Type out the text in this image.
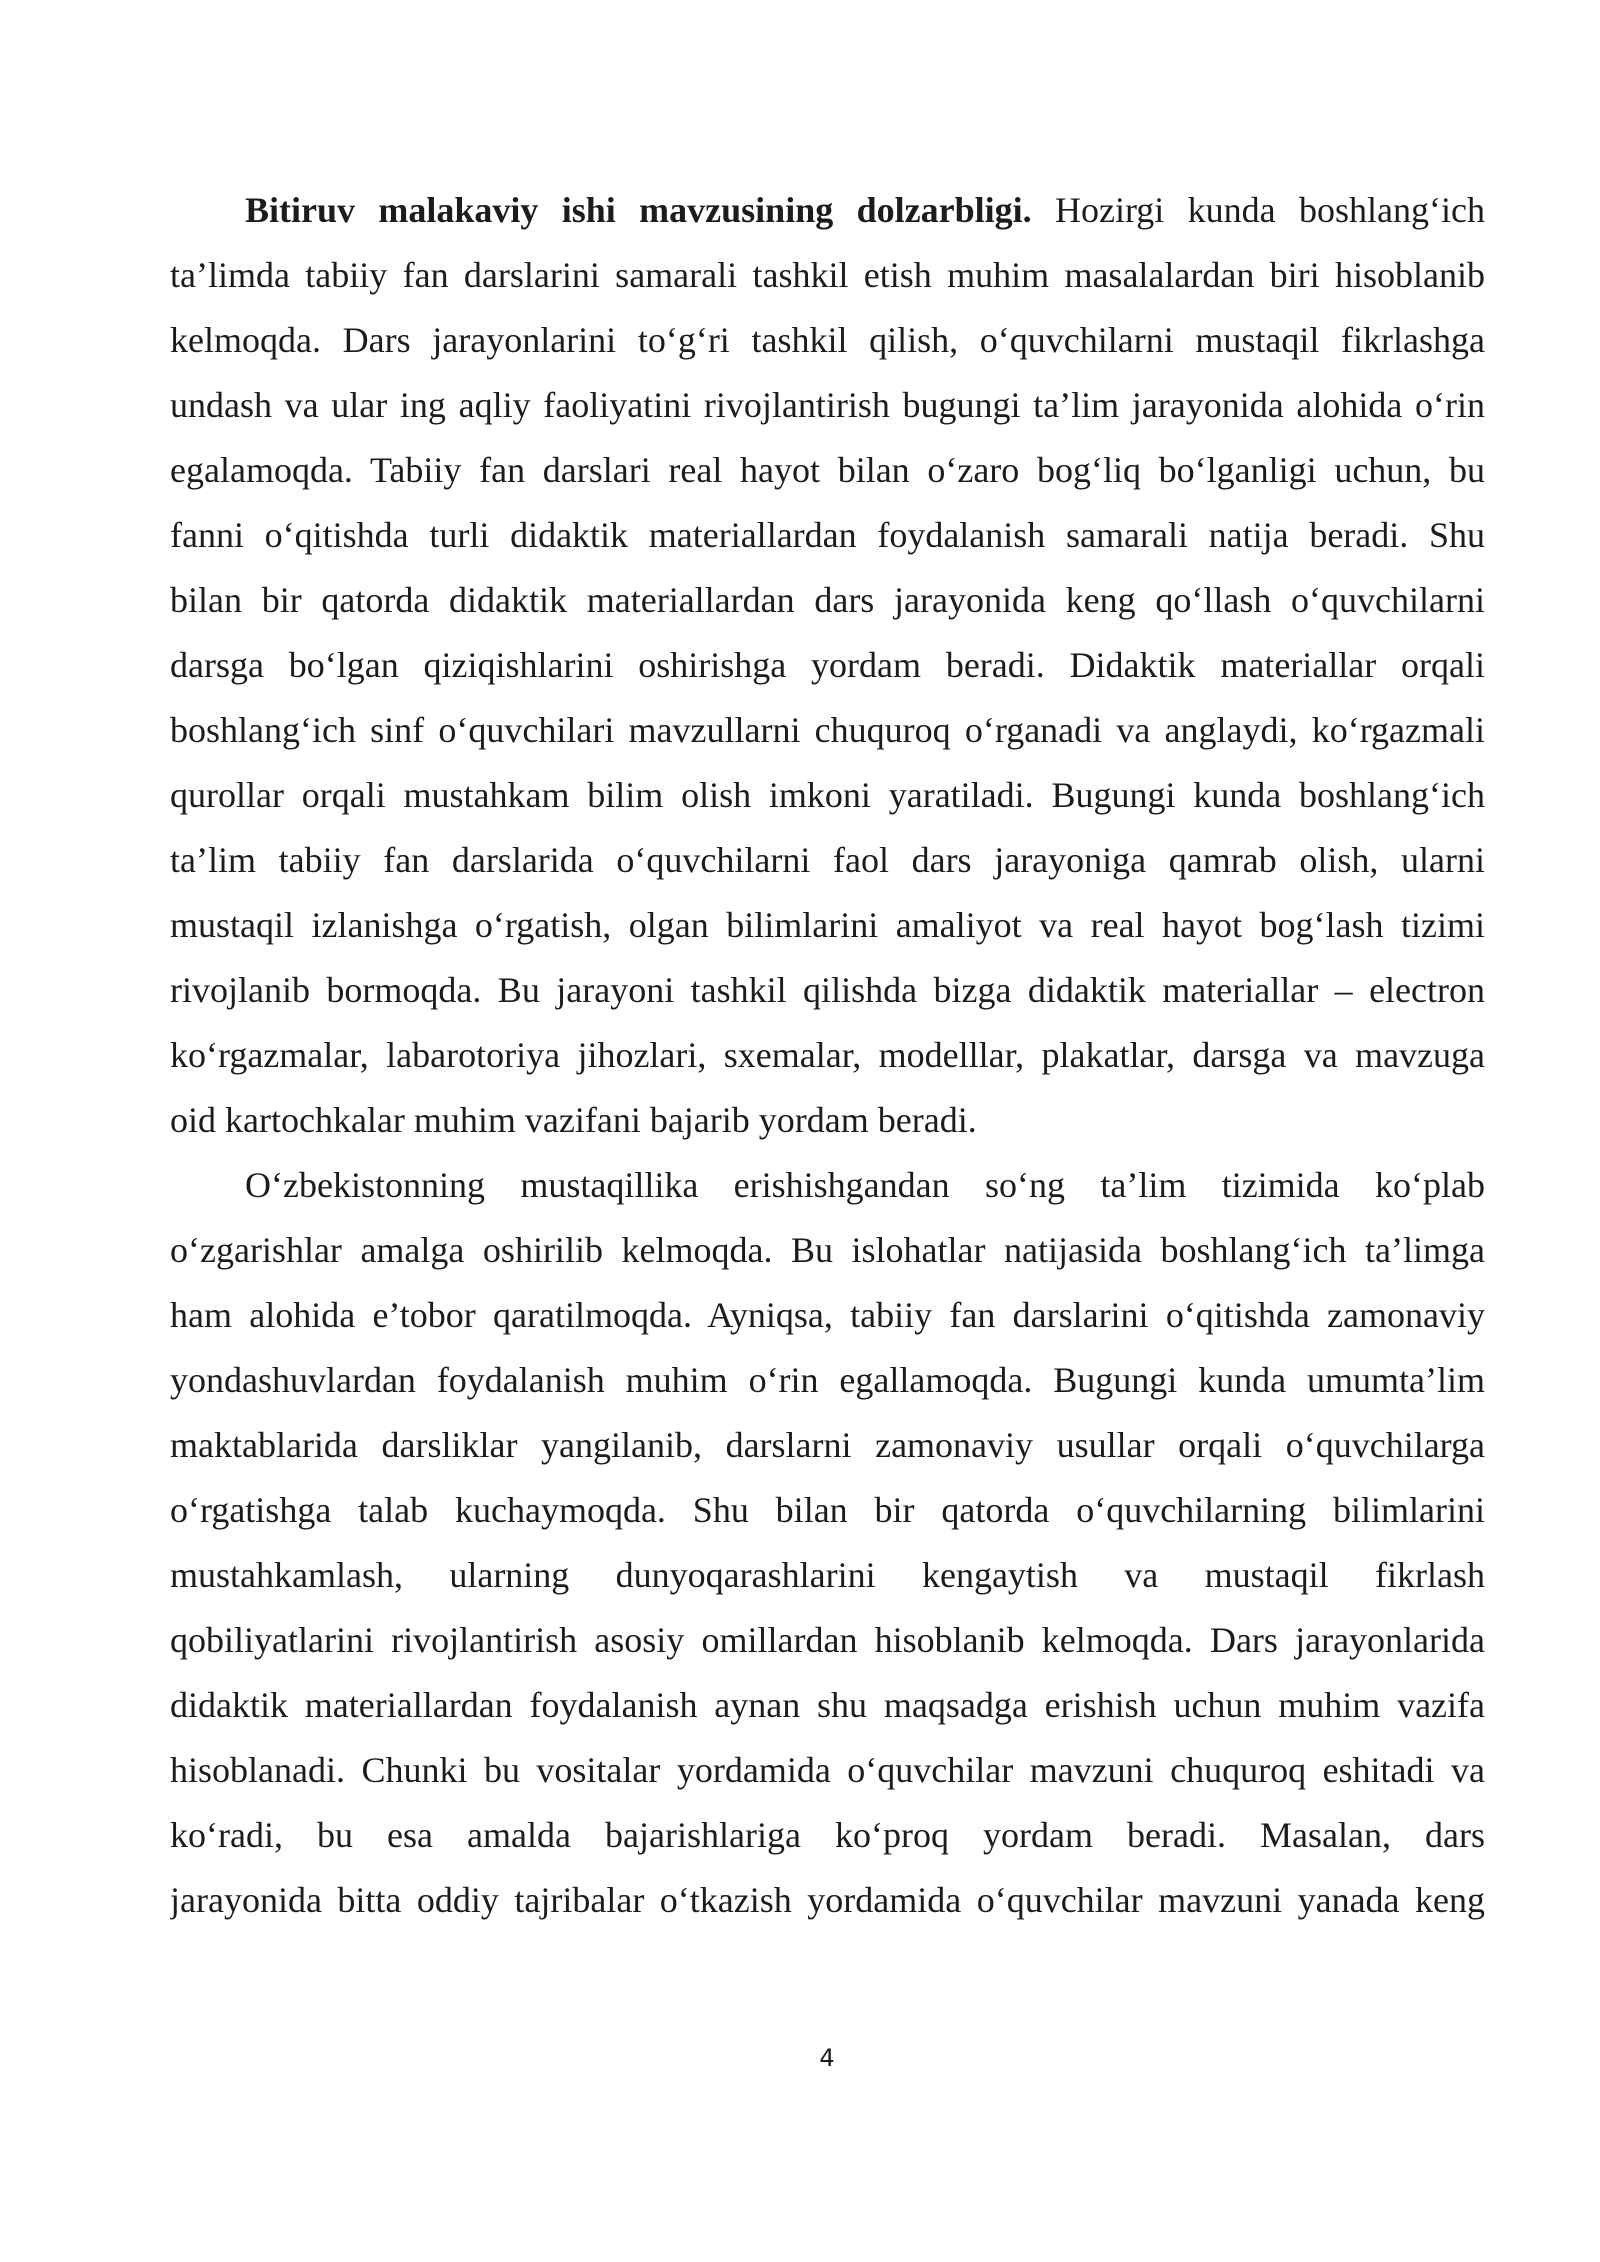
Bitiruv malakaviy ishi mavzusining dolzarbligi. Hozirgi kunda boshlang‘ich
ta’limda tabiiy fan darslarini samarali tashkil etish muhim masalalardan biri hisoblanib
kelmoqda. Dars jarayonlarini to‘g‘ri tashkil qilish, o‘quvchilarni mustaqil fikrlashga
undash va ular ing aqliy faoliyatini rivojlantirish bugungi ta’lim jarayonida alohida o‘rin
egalamoqda. Tabiiy fan darslari real hayot bilan o‘zaro bog‘liq bo‘lganligi uchun, bu
fanni o‘qitishda turli didaktik materiallardan foydalanish samarali natija beradi. Shu
bilan bir qatorda didaktik materiallardan dars jarayonida keng qo‘llash o‘quvchilarni
darsga bo‘lgan qiziqishlarini oshirishga yordam beradi. Didaktik materiallar orqali
boshlang‘ich sinf o‘quvchilari mavzullarni chuquroq o‘rganadi va anglaydi, ko‘rgazmali
qurollar orqali mustahkam bilim olish imkoni yaratiladi. Bugungi kunda boshlang‘ich
ta’lim tabiiy fan darslarida o‘quvchilarni faol dars jarayoniga qamrab olish, ularni
mustaqil izlanishga o‘rgatish, olgan bilimlarini amaliyot va real hayot bog‘lash tizimi
rivojlanib bormoqda. Bu jarayoni tashkil qilishda bizga didaktik materiallar – electron
ko‘rgazmalar, labarotoriya jihozlari, sxemalar, modelllar, plakatlar, darsga va mavzuga
oid kartochkalar muhim vazifani bajarib yordam beradi.
O‘zbekistonning mustaqillika erishishgandan so‘ng ta’lim tizimida ko‘plab
o‘zgarishlar amalga oshirilib kelmoqda. Bu islohatlar natijasida boshlang‘ich ta’limga
ham alohida e’tobor qaratilmoqda. Ayniqsa, tabiiy fan darslarini o‘qitishda zamonaviy
yondashuvlardan foydalanish muhim o‘rin egallamoqda. Bugungi kunda umumta’lim
maktablarida darsliklar yangilanib, darslarni zamonaviy usullar orqali o‘quvchilarga
o‘rgatishga talab kuchaymoqda. Shu bilan bir qatorda o‘quvchilarning bilimlarini
mustahkamlash, ularning dunyoqarashlarini kengaytish va mustaqil fikrlash
qobiliyatlarini rivojlantirish asosiy omillardan hisoblanib kelmoqda. Dars jarayonlarida
didaktik materiallardan foydalanish aynan shu maqsadga erishish uchun muhim vazifa
hisoblanadi. Chunki bu vositalar yordamida o‘quvchilar mavzuni chuquroq eshitadi va
ko‘radi, bu esa amalda bajarishlariga ko‘proq yordam beradi. Masalan, dars
jarayonida bitta oddiy tajribalar o‘tkazish yordamida o‘quvchilar mavzuni yanada keng
4
